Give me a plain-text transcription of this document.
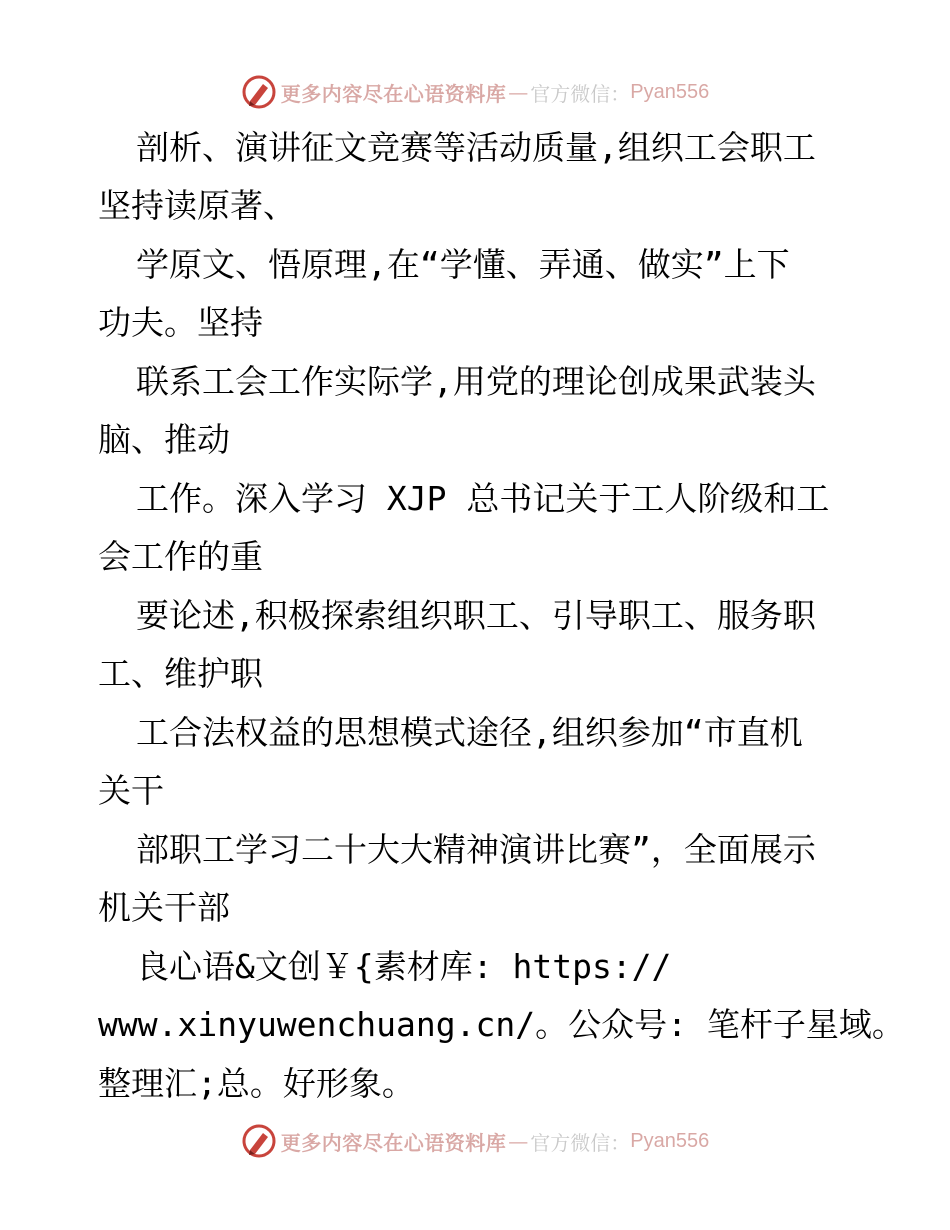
更多内容尽在心语资料库 — 官方微信： Pyan556
剖析、演讲征文竞赛等活动质量,组织工会职工
坚持读原著、
学原文、悟原理,在“学懂、弄通、做实”上下
功夫。坚持
联系工会工作实际学,用党的理论创成果武装头
脑、推动
工作。深入学习 XJP 总书记关于工人阶级和工
会工作的重
要论述,积极探索组织职工、引导职工、服务职
工、维护职
工合法权益的思想模式途径,组织参加“市直机
关干
部职工学习二十大大精神演讲比赛”，全面展示
机关干部
良心语&文创￥{素材库: https://
www.xinyuwenchuang.cn/。公众号: 笔杆子星域。
整理汇;总。好形象。
更多内容尽在心语资料库 — 官方微信： Pyan556
